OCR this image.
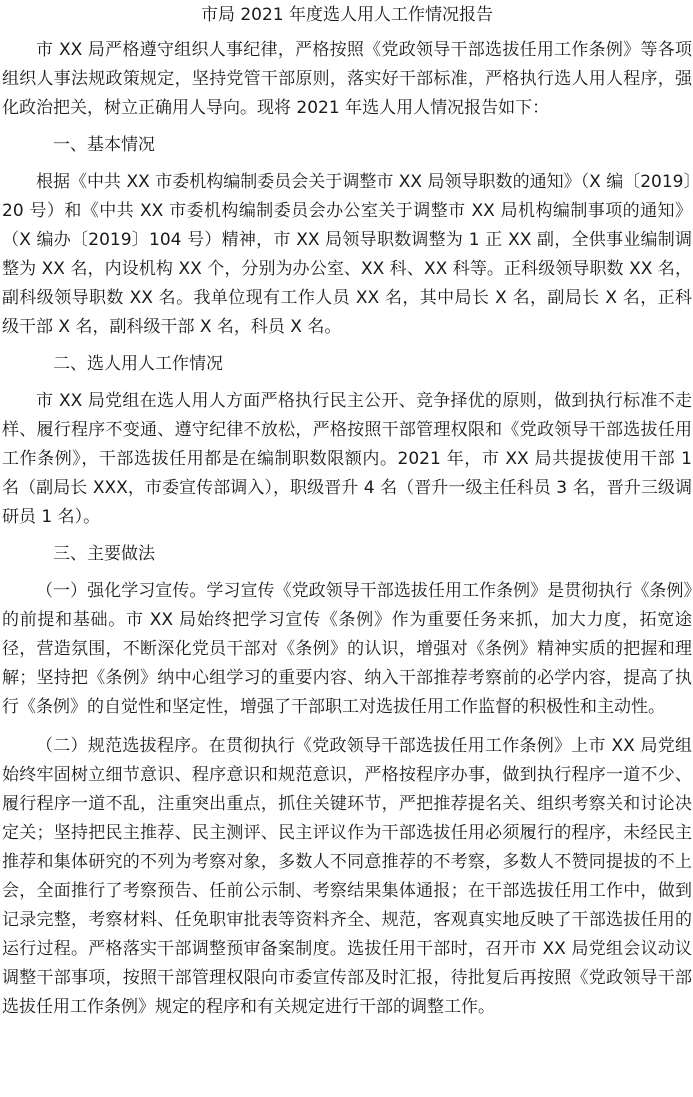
市局 2021 年度选人用人工作情况报告

市 XX 局严格遵守组织人事纪律，严格按照《党政领导干部选拔任用工作条例》等各项组织人事法规政策规定，坚持党管干部原则，落实好干部标准，严格执行选人用人程序，强化政治把关，树立正确用人导向。现将 2021 年选人用人情况报告如下：

一、基本情况

根据《中共 XX 市委机构编制委员会关于调整市 XX 局领导职数的通知》（X 编〔2019〕20 号）和《中共 XX 市委机构编制委员会办公室关于调整市 XX 局机构编制事项的通知》（X 编办〔2019〕104 号）精神，市 XX 局领导职数调整为 1 正 XX 副，全供事业编制调整为 XX 名，内设机构 XX 个，分别为办公室、XX 科、XX 科等。正科级领导职数 XX 名，副科级领导职数 XX 名。我单位现有工作人员 XX 名，其中局长 X 名，副局长 X 名，正科级干部 X 名，副科级干部 X 名，科员 X 名。

二、选人用人工作情况

市 XX 局党组在选人用人方面严格执行民主公开、竞争择优的原则，做到执行标准不走样、履行程序不变通、遵守纪律不放松，严格按照干部管理权限和《党政领导干部选拔任用工作条例》，干部选拔任用都是在编制职数限额内。2021 年，市 XX 局共提拔使用干部 1 名（副局长 XXX，市委宣传部调入），职级晋升 4 名（晋升一级主任科员 3 名，晋升三级调研员 1 名）。

三、主要做法

（一）强化学习宣传。学习宣传《党政领导干部选拔任用工作条例》是贯彻执行《条例》的前提和基础。市 XX 局始终把学习宣传《条例》作为重要任务来抓，加大力度，拓宽途径，营造氛围，不断深化党员干部对《条例》的认识，增强对《条例》精神实质的把握和理解；坚持把《条例》纳中心组学习的重要内容、纳入干部推荐考察前的必学内容，提高了执行《条例》的自觉性和坚定性，增强了干部职工对选拔任用工作监督的积极性和主动性。

（二）规范选拔程序。在贯彻执行《党政领导干部选拔任用工作条例》上市 XX 局党组始终牢固树立细节意识、程序意识和规范意识，严格按程序办事，做到执行程序一道不少、履行程序一道不乱，注重突出重点，抓住关键环节，严把推荐提名关、组织考察关和讨论决定关；坚持把民主推荐、民主测评、民主评议作为干部选拔任用必须履行的程序，未经民主推荐和集体研究的不列为考察对象，多数人不同意推荐的不考察，多数人不赞同提拔的不上会，全面推行了考察预告、任前公示制、考察结果集体通报；在干部选拔任用工作中，做到记录完整，考察材料、任免职审批表等资料齐全、规范，客观真实地反映了干部选拔任用的运行过程。严格落实干部调整预审备案制度。选拔任用干部时，召开市 XX 局党组会议动议调整干部事项，按照干部管理权限向市委宣传部及时汇报，待批复后再按照《党政领导干部选拔任用工作条例》规定的程序和有关规定进行干部的调整工作。
